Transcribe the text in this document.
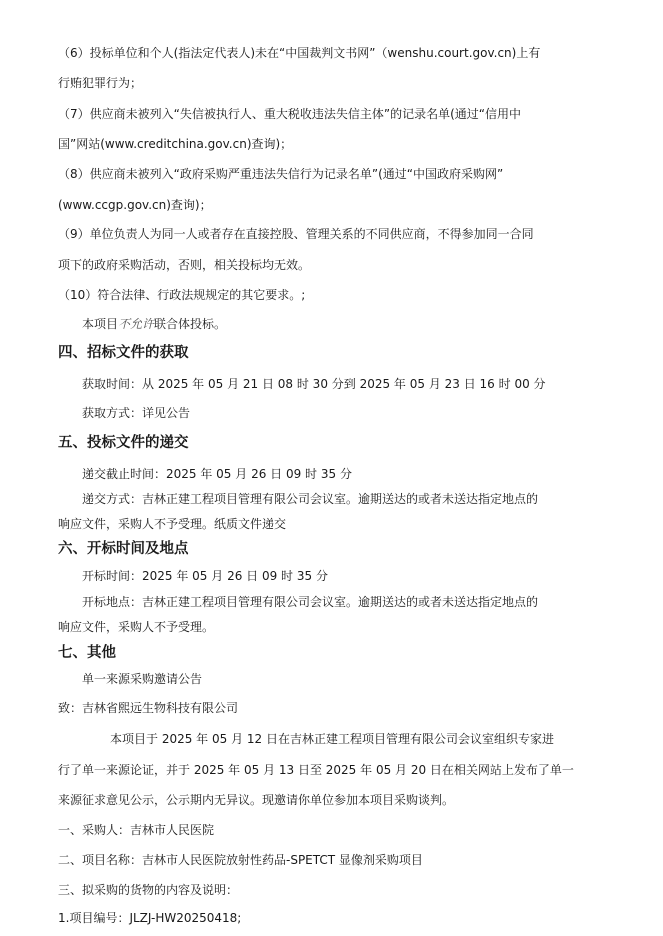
（6）投标单位和个人(指法定代表人)未在“中国裁判文书网”（wenshu.court.gov.cn)上有
行贿犯罪行为；
（7）供应商未被列入“失信被执行人、重大税收违法失信主体”的记录名单(通过“信用中
国”网站(www.creditchina.gov.cn)查询)；
（8）供应商未被列入“政府采购严重违法失信行为记录名单”(通过“中国政府采购网”
(www.ccgp.gov.cn)查询)；
（9）单位负责人为同一人或者存在直接控股、管理关系的不同供应商，不得参加同一合同
项下的政府采购活动，否则，相关投标均无效。
（10）符合法律、行政法规规定的其它要求。;
本项目不允许联合体投标。
四、招标文件的获取
获取时间：从 2025 年 05 月 21 日 08 时 30 分到 2025 年 05 月 23 日 16 时 00 分
获取方式：详见公告
五、投标文件的递交
递交截止时间：2025 年 05 月 26 日 09 时 35 分
递交方式：吉林正建工程项目管理有限公司会议室。逾期送达的或者未送达指定地点的
响应文件，采购人不予受理。纸质文件递交
六、开标时间及地点
开标时间：2025 年 05 月 26 日 09 时 35 分
开标地点：吉林正建工程项目管理有限公司会议室。逾期送达的或者未送达指定地点的
响应文件，采购人不予受理。
七、其他
单一来源采购邀请公告
致：吉林省熙远生物科技有限公司
本项目于 2025 年 05 月 12 日在吉林正建工程项目管理有限公司会议室组织专家进
行了单一来源论证，并于 2025 年 05 月 13 日至 2025 年 05 月 20 日在相关网站上发布了单一
来源征求意见公示，公示期内无异议。现邀请你单位参加本项目采购谈判。
一、采购人：吉林市人民医院
二、项目名称：吉林市人民医院放射性药品-SPETCT 显像剂采购项目
三、拟采购的货物的内容及说明：
1.项目编号：JLZJ-HW20250418;
